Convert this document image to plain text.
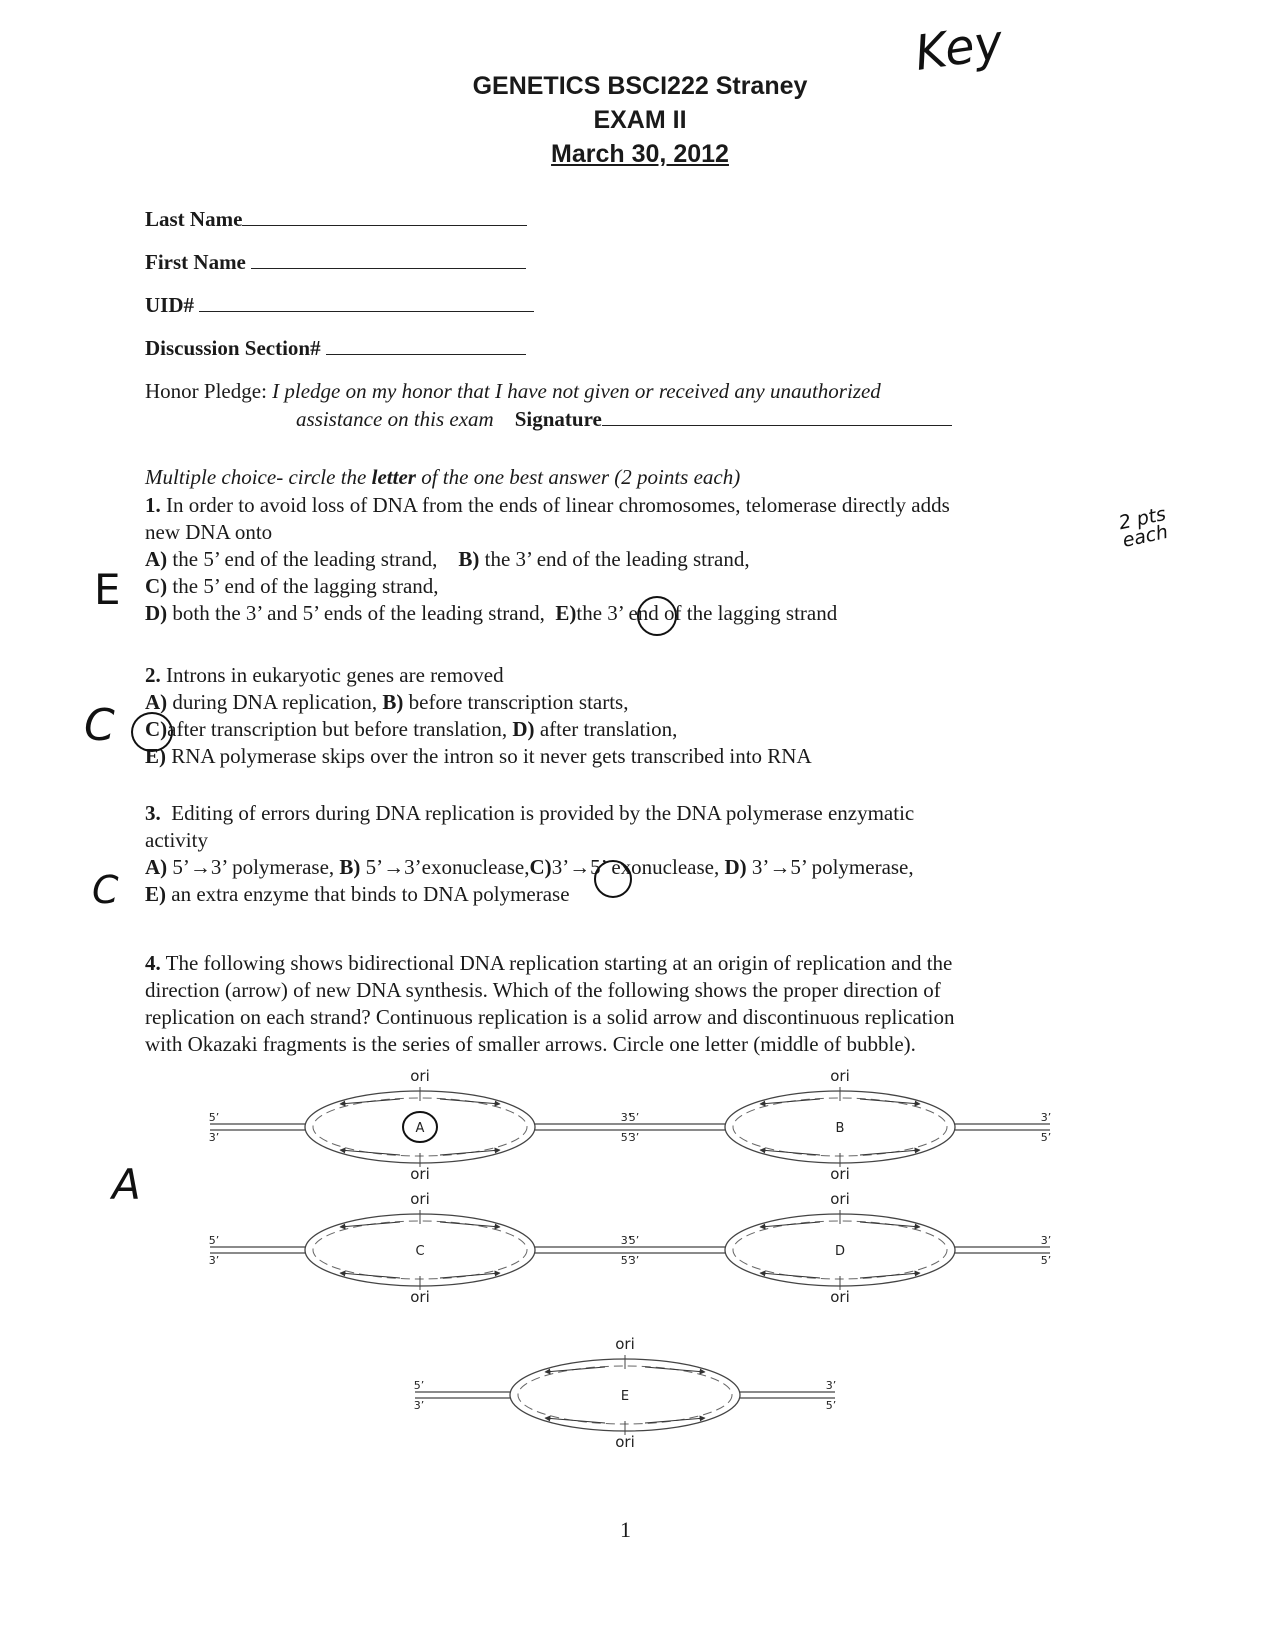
GENETICS BSCI222 Straney
EXAM II
March 30, 2012
Key
Last Name
First Name
UID#
Discussion Section#
Honor Pledge: I pledge on my honor that I have not given or received any unauthorized
assistance on this exam Signature
Multiple choice- circle the letter of the one best answer (2 points each)
1. In order to avoid loss of DNA from the ends of linear chromosomes, telomerase directly adds
new DNA onto
A) the 5’ end of the leading strand, B) the 3’ end of the leading strand,
C) the 5’ end of the lagging strand,
D) both the 3’ and 5’ ends of the leading strand, E)the 3’ end of the lagging strand
E
2 pts each
2. Introns in eukaryotic genes are removed
A) during DNA replication, B) before transcription starts,
C)after transcription but before translation, D) after translation,
E) RNA polymerase skips over the intron so it never gets transcribed into RNA
C
3. Editing of errors during DNA replication is provided by the DNA polymerase enzymatic
activity
A) 5’→3’ polymerase, B) 5’→3’exonuclease,C)3’→5’ exonuclease, D) 3’→5’ polymerase,
E) an extra enzyme that binds to DNA polymerase
C
4. The following shows bidirectional DNA replication starting at an origin of replication and the
direction (arrow) of new DNA synthesis. Which of the following shows the proper direction of
replication on each strand? Continuous replication is a solid arrow and discontinuous replication
with Okazaki fragments is the series of smaller arrows. Circle one letter (middle of bubble).
A
ori
ori
5’
3’
3’
5’
A
ori
ori
5’
3’
3’
5’
B
ori
ori
5’
3’
3’
5’
C
ori
ori
5’
3’
3’
5’
D
ori
ori
5’
3’
3’
5’
E
1
